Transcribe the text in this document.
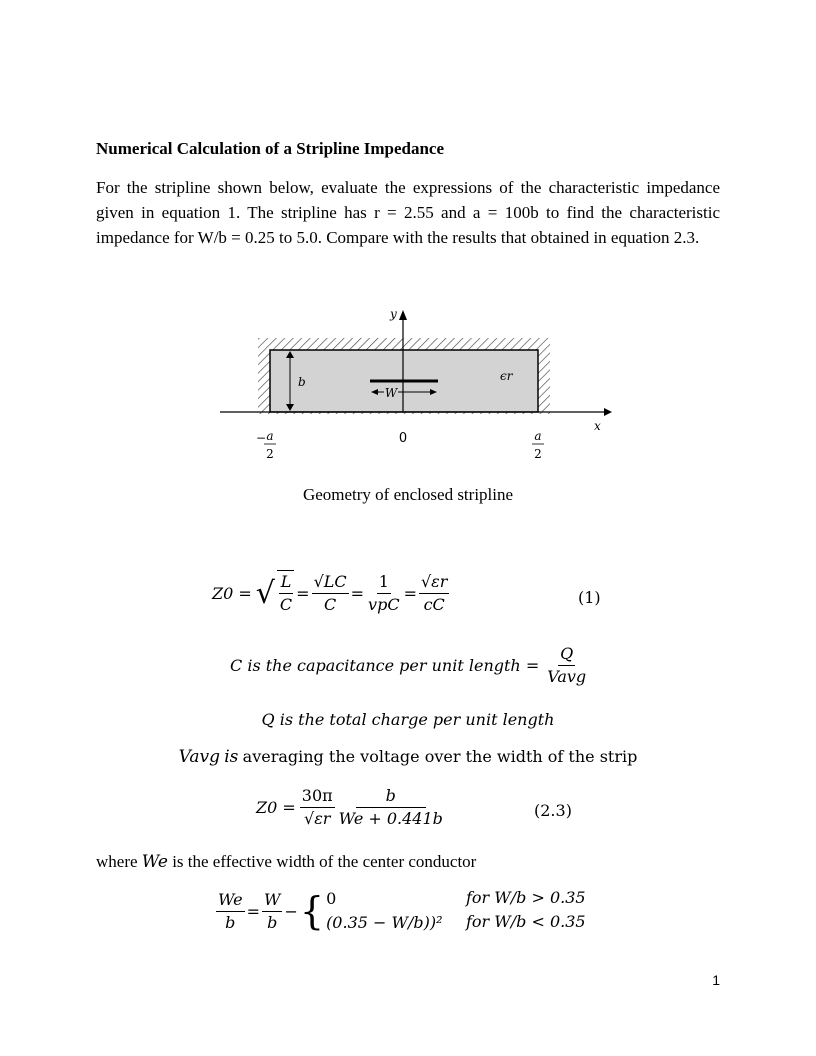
Numerical Calculation of a Stripline Impedance
For the stripline shown below, evaluate the expressions of the characteristic impedance given in equation 1. The stripline has r = 2.55 and a = 100b to find the characteristic impedance for W/b = 0.25 to 5.0. Compare with the results that obtained in equation 2.3.
W
b	ϵr
y
x
0
− a
2
a
2
Geometry of enclosed stripline
Z0 = √ $\frac{L}{C} = \frac{√LC}{C} = \frac{1}{\text{vpC}} = \frac{√\varepsilon r}{cC}$	(1)
C is the capacitance per unit length = $\frac{Q}{\text{Vavg}}$
Q is the total charge per unit length
Vavg is averaging the voltage over the width of the strip
$Z0 = \frac{30\pi}{√\varepsilon r} \frac{b}{We + 0.441b}$	(2.3)
where We is the effective width of the center conductor
$\frac{We}{b} = \frac{W}{b}$ − { 0
(0.35 − W/b))²
for W/b > 0.35
for W/b < 0.35
1
